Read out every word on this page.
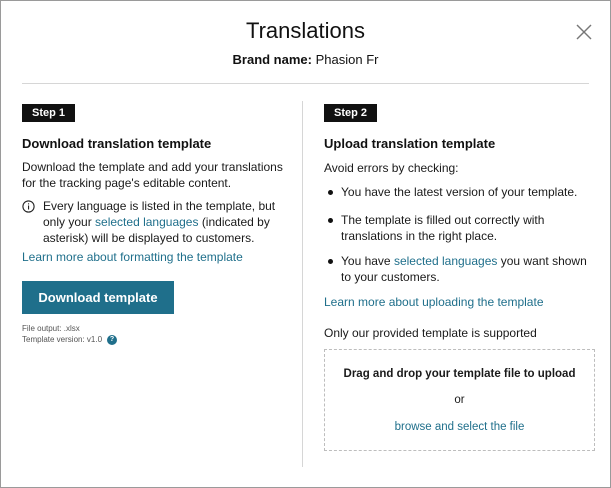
Translations
Brand name: Phasion Fr
Step 1
Download translation template
Download the template and add your translations for the tracking page's editable content.
Every language is listed in the template, but only your selected languages (indicated by asterisk) will be displayed to customers.
Learn more about formatting the template
Download template
File output: .xlsx
Template version: v1.0	?
Step 2
Upload translation template
Avoid errors by checking:
You have the latest version of your template.
The template is filled out correctly with translations in the right place.
You have selected languages you want shown to your customers.
Learn more about uploading the template
Only our provided template is supported
Drag and drop your template file to upload
or
browse and select the file
